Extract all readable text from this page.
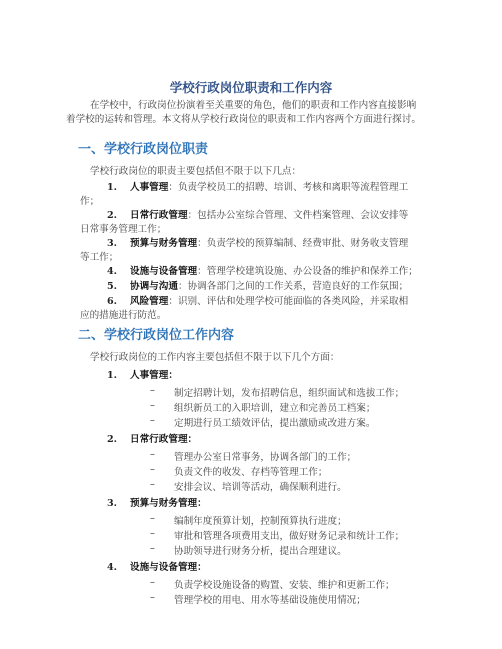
学校行政岗位职责和工作内容
在学校中，行政岗位扮演着至关重要的角色，他们的职责和工作内容直接影响
着学校的运转和管理。本文将从学校行政岗位的职责和工作内容两个方面进行探讨。
一、学校行政岗位职责
学校行政岗位的职责主要包括但不限于以下几点：
1. 人事管理：负责学校员工的招聘、培训、考核和离职等流程管理工
作；
2. 日常行政管理：包括办公室综合管理、文件档案管理、会议安排等
日常事务管理工作；
3. 预算与财务管理：负责学校的预算编制、经费审批、财务收支管理
等工作；
4. 设施与设备管理：管理学校建筑设施、办公设备的维护和保养工作；
5. 协调与沟通：协调各部门之间的工作关系，营造良好的工作氛围；
6. 风险管理：识别、评估和处理学校可能面临的各类风险，并采取相
应的措施进行防范。
二、学校行政岗位工作内容
学校行政岗位的工作内容主要包括但不限于以下几个方面：
1. 人事管理：
– 制定招聘计划，发布招聘信息，组织面试和选拔工作；
– 组织新员工的入职培训，建立和完善员工档案；
– 定期进行员工绩效评估，提出激励或改进方案。
2. 日常行政管理：
– 管理办公室日常事务，协调各部门的工作；
– 负责文件的收发、存档等管理工作；
– 安排会议、培训等活动，确保顺利进行。
3. 预算与财务管理：
– 编制年度预算计划，控制预算执行进度；
– 审批和管理各项费用支出，做好财务记录和统计工作；
– 协助领导进行财务分析，提出合理建议。
4. 设施与设备管理：
– 负责学校设施设备的购置、安装、维护和更新工作；
– 管理学校的用电、用水等基础设施使用情况；
